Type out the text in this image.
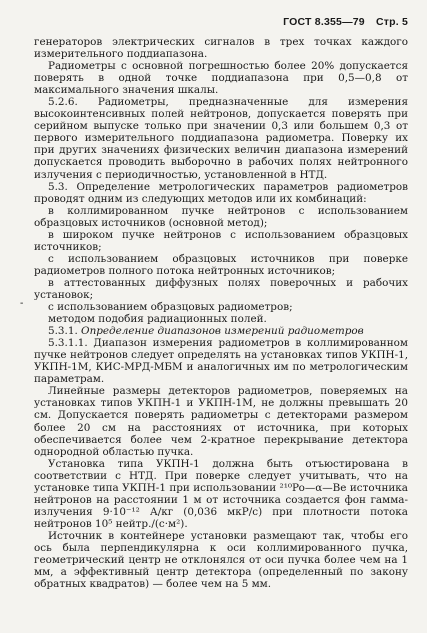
ГОСТ 8.355—79 Стр. 5
-

генераторов электрических сигналов в трех точках каждого измерительного поддиапазона.

Радиометры с основной погрешностью более 20% допускается поверять в одной точке поддиапазона при 0,5—0,8 от максимального значения шкалы.

5.2.6. Радиометры, предназначенные для измерения высокоинтенсивных полей нейтронов, допускается поверять при серийном выпуске только при значении 0,3 или большем 0,3 от первого измерительного поддиапазона радиометра. Поверку их при других значениях физических величин диапазона измерений допускается проводить выборочно в рабочих полях нейтронного излучения с периодичностью, установленной в НТД.

5.3. Определение метрологических параметров радиометров проводят одним из следующих методов или их комбинаций:

в коллимированном пучке нейтронов с использованием образцовых источников (основной метод);

в широком пучке нейтронов с использованием образцовых источников;

с использованием образцовых источников при поверке радиометров полного потока нейтронных источников;

в аттестованных диффузных полях поверочных и рабочих установок;

с использованием образцовых радиометров;

методом подобия радиационных полей.

5.3.1. Определение диапазонов измерений радиометров

5.3.1.1. Диапазон измерения радиометров в коллимированном пучке нейтронов следует определять на установках типов УКПН-1, УКПН-1М, КИС-МРД-МБМ и аналогичных им по метрологическим параметрам.

Линейные размеры детекторов радиометров, поверяемых на установках типов УКПН-1 и УКПН-1М, не должны превышать 20 см. Допускается поверять радиометры с детекторами размером более 20 см на расстояниях от источника, при которых обеспечивается более чем 2-кратное перекрывание детектора однородной областью пучка.

Установка типа УКПН-1 должна быть отъюстирована в соответствии с НТД. При поверке следует учитывать, что на установке типа УКПН-1 при использовании ²¹⁰Po—α—Be источника нейтронов на расстоянии 1 м от источника создается фон гамма-излучения 9·10⁻¹² А/кг (0,036 мкР/с) при плотности потока нейтронов 10⁵ нейтр./(с·м²).

Источник в контейнере установки размещают так, чтобы его ось была перпендикулярна к оси коллимированного пучка, геометрический центр не отклонялся от оси пучка более чем на 1 мм, а эффективный центр детектора (определенный по закону обратных квадратов) — более чем на 5 мм.
